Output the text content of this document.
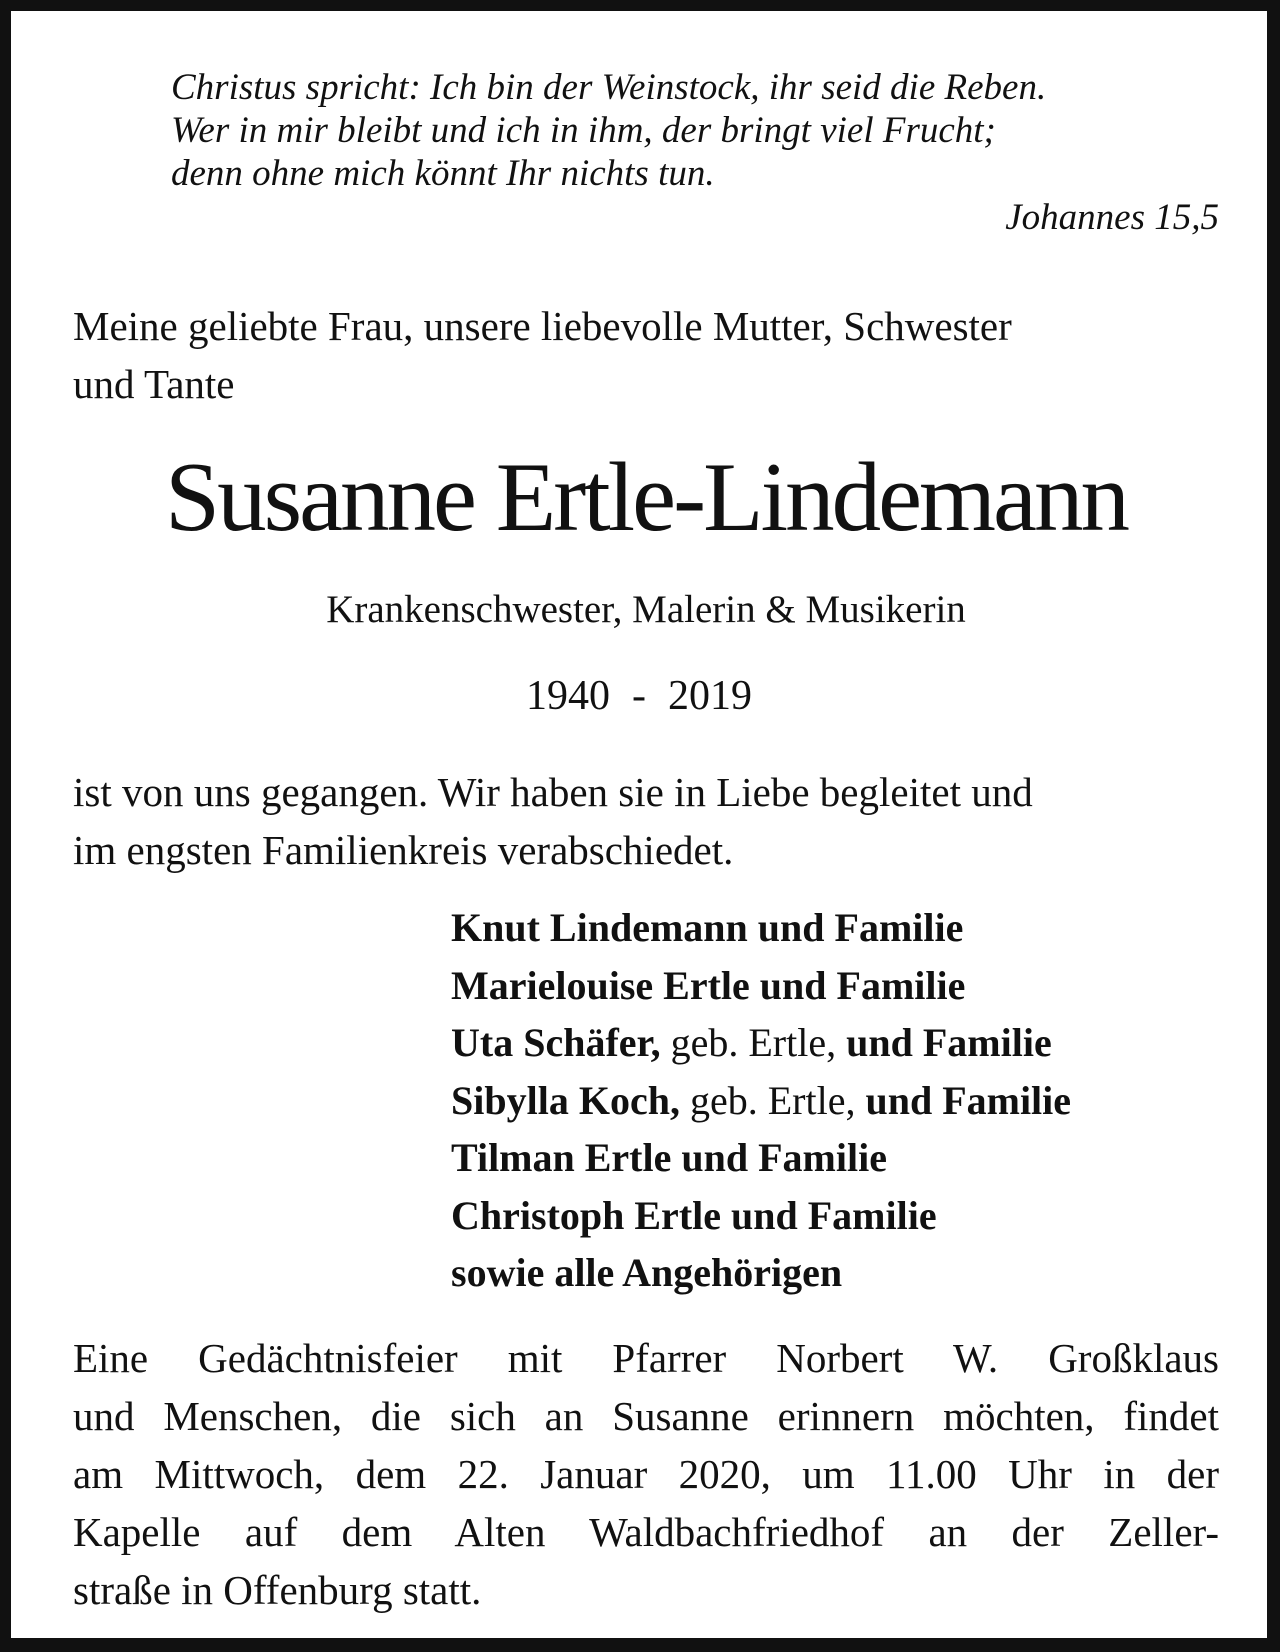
Christus spricht: Ich bin der Weinstock, ihr seid die Reben.
Wer in mir bleibt und ich in ihm, der bringt viel Frucht;
denn ohne mich könnt Ihr nichts tun.
Johannes 15,5
Meine geliebte Frau, unsere liebevolle Mutter, Schwester
und Tante
Susanne Ertle-Lindemann
Krankenschwester, Malerin & Musikerin
1940 - 2019
ist von uns gegangen. Wir haben sie in Liebe begleitet und
im engsten Familienkreis verabschiedet.
Knut Lindemann und Familie
Marielouise Ertle und Familie
Uta Schäfer, geb. Ertle, und Familie
Sibylla Koch, geb. Ertle, und Familie
Tilman Ertle und Familie
Christoph Ertle und Familie
sowie alle Angehörigen
Eine Gedächtnisfeier mit Pfarrer Norbert W. Großklaus
und Menschen, die sich an Susanne erinnern möchten, findet
am Mittwoch, dem 22. Januar 2020, um 11.00 Uhr in der
Kapelle auf dem Alten Waldbachfriedhof an der Zeller-
straße in Offenburg statt.
